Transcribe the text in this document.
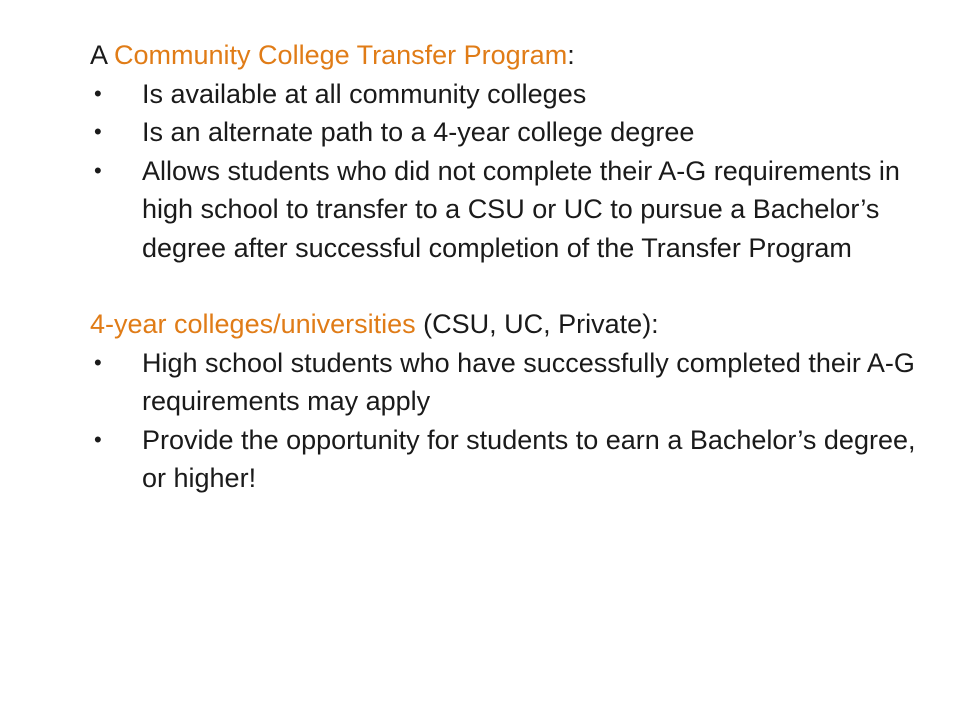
A Community College Transfer Program:

• Is available at all community colleges
• Is an alternate path to a 4-year college degree
• Allows students who did not complete their A-G requirements in high school to transfer to a CSU or UC to pursue a Bachelor’s degree after successful completion of the Transfer Program

4-year colleges/universities (CSU, UC, Private):

• High school students who have successfully completed their A-G requirements may apply
• Provide the opportunity for students to earn a Bachelor’s degree, or higher!
